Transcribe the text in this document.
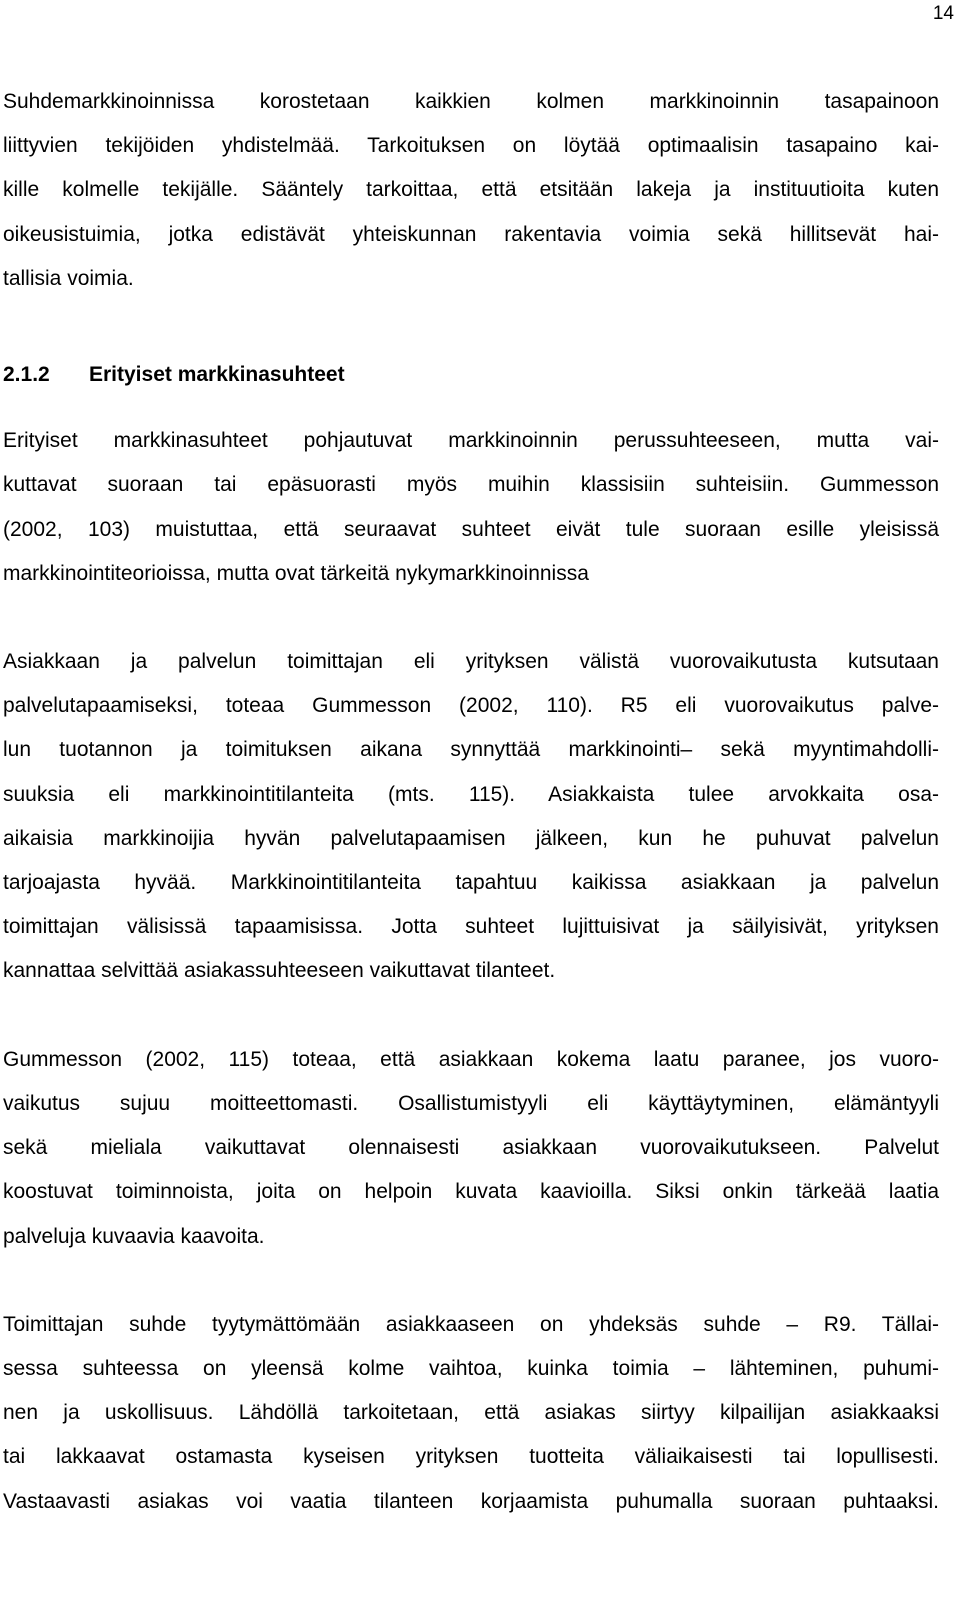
14
Suhdemarkkinoinnissa korostetaan kaikkien kolmen markkinoinnin tasapainoon
liittyvien tekijöiden yhdistelmää. Tarkoituksen on löytää optimaalisin tasapaino kai-
kille kolmelle tekijälle. Sääntely tarkoittaa, että etsitään lakeja ja instituutioita kuten
oikeusistuimia, jotka edistävät yhteiskunnan rakentavia voimia sekä hillitsevät hai-
tallisia voimia.
2.1.2 Erityiset markkinasuhteet
Erityiset markkinasuhteet pohjautuvat markkinoinnin perussuhteeseen, mutta vai-
kuttavat suoraan tai epäsuorasti myös muihin klassisiin suhteisiin. Gummesson
(2002, 103) muistuttaa, että seuraavat suhteet eivät tule suoraan esille yleisissä
markkinointiteorioissa, mutta ovat tärkeitä nykymarkkinoinnissa
Asiakkaan ja palvelun toimittajan eli yrityksen välistä vuorovaikutusta kutsutaan
palvelutapaamiseksi, toteaa Gummesson (2002, 110). R5 eli vuorovaikutus palve-
lun tuotannon ja toimituksen aikana synnyttää markkinointi– sekä myyntimahdolli-
suuksia eli markkinointitilanteita (mts. 115). Asiakkaista tulee arvokkaita osa-
aikaisia markkinoijia hyvän palvelutapaamisen jälkeen, kun he puhuvat palvelun
tarjoajasta hyvää. Markkinointitilanteita tapahtuu kaikissa asiakkaan ja palvelun
toimittajan välisissä tapaamisissa. Jotta suhteet lujittuisivat ja säilyisivät, yrityksen
kannattaa selvittää asiakassuhteeseen vaikuttavat tilanteet.
Gummesson (2002, 115) toteaa, että asiakkaan kokema laatu paranee, jos vuoro-
vaikutus sujuu moitteettomasti. Osallistumistyyli eli käyttäytyminen, elämäntyyli
sekä mieliala vaikuttavat olennaisesti asiakkaan vuorovaikutukseen. Palvelut
koostuvat toiminnoista, joita on helpoin kuvata kaavioilla. Siksi onkin tärkeää laatia
palveluja kuvaavia kaavoita.
Toimittajan suhde tyytymättömään asiakkaaseen on yhdeksäs suhde – R9. Tällai-
sessa suhteessa on yleensä kolme vaihtoa, kuinka toimia – lähteminen, puhumi-
nen ja uskollisuus. Lähdöllä tarkoitetaan, että asiakas siirtyy kilpailijan asiakkaaksi
tai lakkaavat ostamasta kyseisen yrityksen tuotteita väliaikaisesti tai lopullisesti.
Vastaavasti asiakas voi vaatia tilanteen korjaamista puhumalla suoraan puhtaaksi.
